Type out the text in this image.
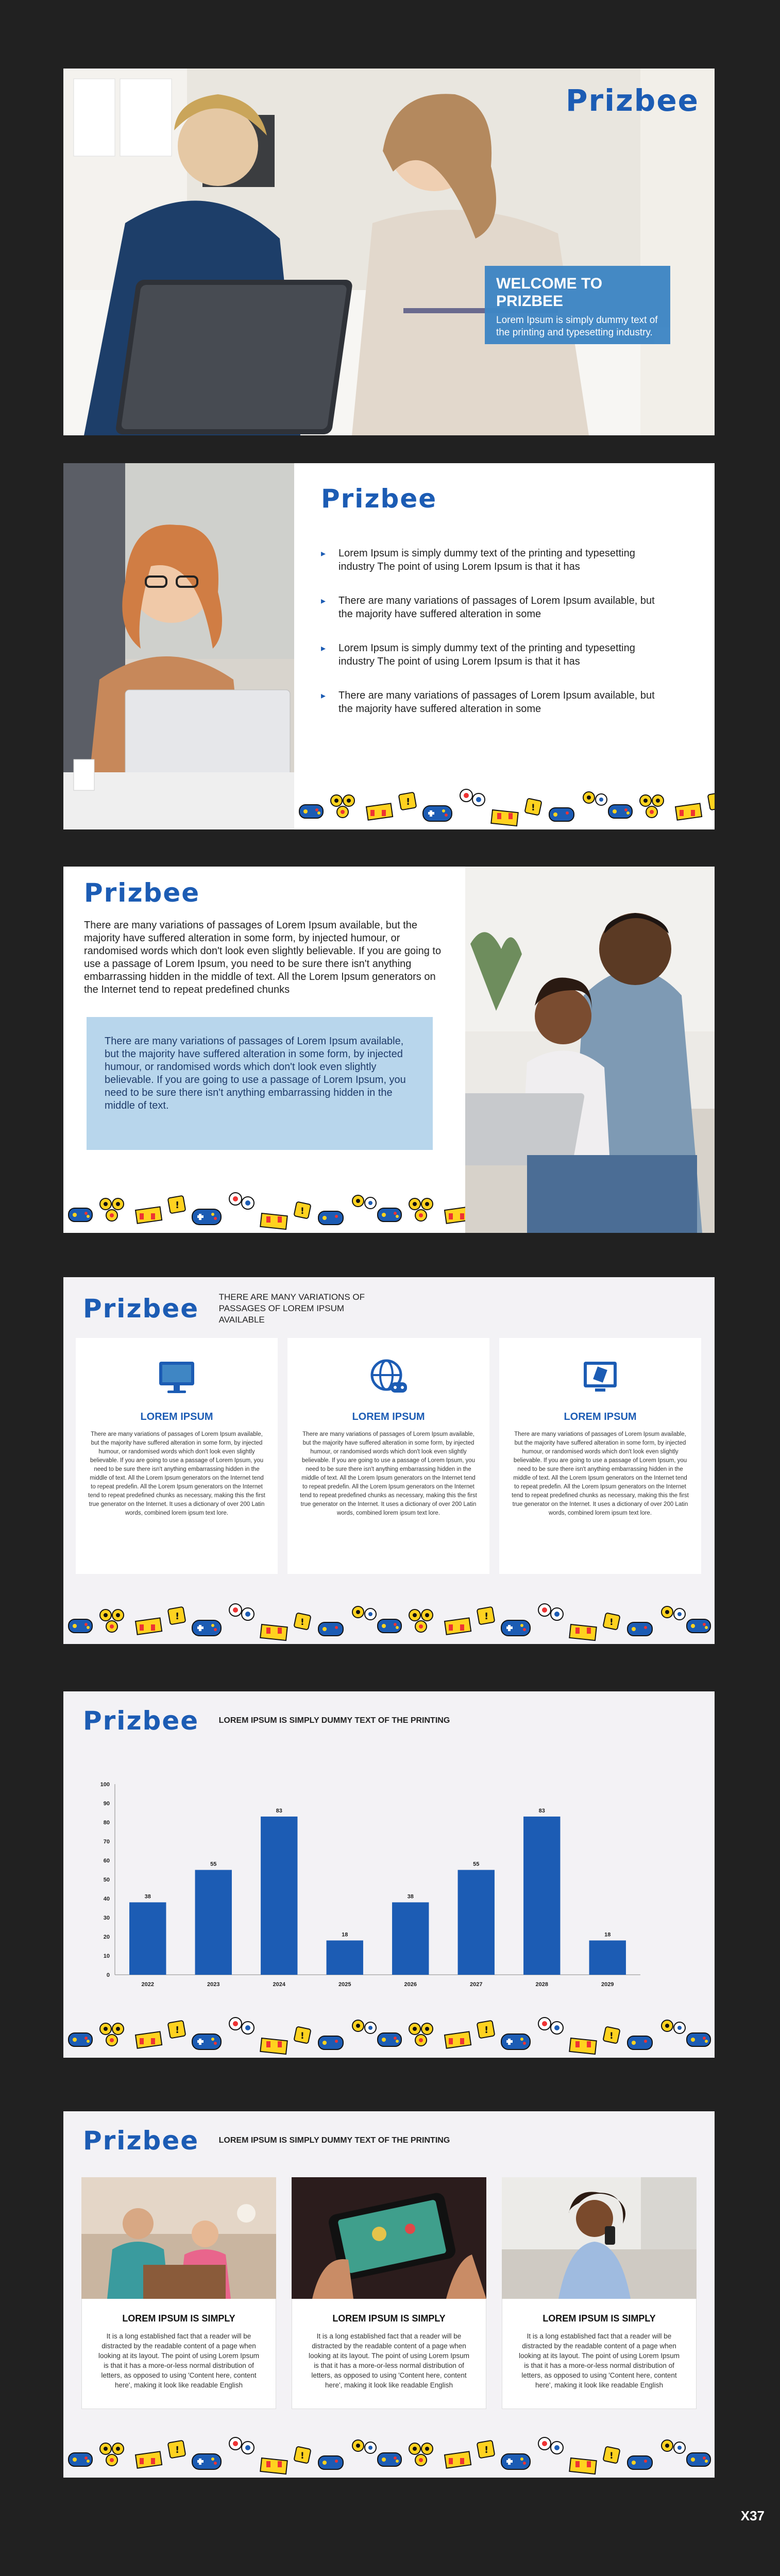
Prizbee
WELCOME TO PRIZBEE

Lorem Ipsum is simply dummy text of the printing and typesetting industry.

Prizbee
▸ Lorem Ipsum is simply dummy text of the printing and typesetting industry The point of using Lorem Ipsum is that it has
▸ There are many variations of passages of Lorem Ipsum available, but the majority have suffered alteration in some
▸ Lorem Ipsum is simply dummy text of the printing and typesetting industry The point of using Lorem Ipsum is that it has
▸ There are many variations of passages of Lorem Ipsum available, but the majority have suffered alteration in some
Prizbee

There are many variations of passages of Lorem Ipsum available, but the majority have suffered alteration in some form, by injected humour, or randomised words which don't look even slightly believable. If you are going to use a passage of Lorem Ipsum, you need to be sure there isn't anything embarrassing hidden in the middle of text. All the Lorem Ipsum generators on the Internet tend to repeat predefined chunks

There are many variations of passages of Lorem Ipsum available, but the majority have suffered alteration in some form, by injected humour, or randomised words which don't look even slightly believable. If you are going to use a passage of Lorem Ipsum, you need to be sure there isn't anything embarrassing hidden in the middle of text.
Prizbee THERE ARE MANY VARIATIONS OF PASSAGES OF LOREM IPSUM AVAILABLE
LOREM IPSUM

There are many variations of passages of Lorem Ipsum available, but the majority have suffered alteration in some form, by injected humour, or randomised words which don't look even slightly believable. If you are going to use a passage of Lorem Ipsum, you need to be sure there isn't anything embarrassing hidden in the middle of text. All the Lorem Ipsum generators on the Internet tend to repeat predefin. All the Lorem Ipsum generators on the Internet tend to repeat predefined chunks as necessary, making this the first true generator on the Internet. It uses a dictionary of over 200 Latin words, combined lorem ipsum text lore.

LOREM IPSUM

There are many variations of passages of Lorem Ipsum available, but the majority have suffered alteration in some form, by injected humour, or randomised words which don't look even slightly believable. If you are going to use a passage of Lorem Ipsum, you need to be sure there isn't anything embarrassing hidden in the middle of text. All the Lorem Ipsum generators on the Internet tend to repeat predefin. All the Lorem Ipsum generators on the Internet tend to repeat predefined chunks as necessary, making this the first true generator on the Internet. It uses a dictionary of over 200 Latin words, combined lorem ipsum text lore.

LOREM IPSUM

There are many variations of passages of Lorem Ipsum available, but the majority have suffered alteration in some form, by injected humour, or randomised words which don't look even slightly believable. If you are going to use a passage of Lorem Ipsum, you need to be sure there isn't anything embarrassing hidden in the middle of text. All the Lorem Ipsum generators on the Internet tend to repeat predefin. All the Lorem Ipsum generators on the Internet tend to repeat predefined chunks as necessary, making this the first true generator on the Internet. It uses a dictionary of over 200 Latin words, combined lorem ipsum text lore.

Prizbee LOREM IPSUM IS SIMPLY DUMMY TEXT OF THE PRINTING
0
10
20
30
40
50
60
70
80
90
100
38
2022
55
2023
83
2024
18
2025
38
2026
55
2027
83
2028
18
2029
Prizbee LOREM IPSUM IS SIMPLY DUMMY TEXT OF THE PRINTING
LOREM IPSUM IS SIMPLY

It is a long established fact that a reader will be distracted by the readable content of a page when looking at its layout. The point of using Lorem Ipsum is that it has a more-or-less normal distribution of letters, as opposed to using 'Content here, content here', making it look like readable English

LOREM IPSUM IS SIMPLY

It is a long established fact that a reader will be distracted by the readable content of a page when looking at its layout. The point of using Lorem Ipsum is that it has a more-or-less normal distribution of letters, as opposed to using 'Content here, content here', making it look like readable English

LOREM IPSUM IS SIMPLY

It is a long established fact that a reader will be distracted by the readable content of a page when looking at its layout. The point of using Lorem Ipsum is that it has a more-or-less normal distribution of letters, as opposed to using 'Content here, content here', making it look like readable English

X37
